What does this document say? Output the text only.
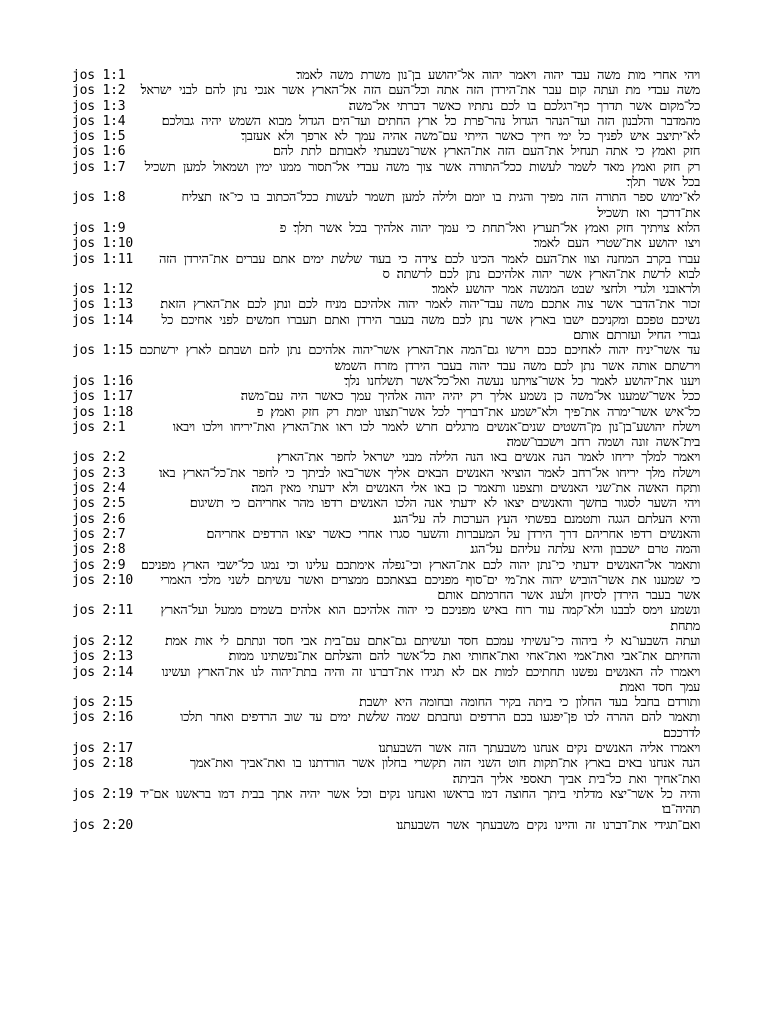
jos 1:1	ויהי אחרי מות משה עבד יהוה ויאמר יהוה אל־יהושע בן־נון משרת משה לאמר׃
jos 1:2	משה עבדי מת ועתה קום עבר את־הירדן הזה אתה וכל־העם הזה אל־הארץ אשר אנכי נתן להם לבני ישראל׃
jos 1:3	כל־מקום אשר תדרך כף־רגלכם בו לכם נתתיו כאשר דברתי אל־משה׃
jos 1:4	מהמדבר והלבנון הזה ועד־הנהר הגדול נהר־פרת כל ארץ החתים ועד־הים הגדול מבוא השמש יהיה גבולכם׃
jos 1:5	לא־יתיצב איש לפניך כל ימי חייך כאשר הייתי עם־משה אהיה עמך לא ארפך ולא אעזבך׃
jos 1:6	חזק ואמץ כי אתה תנחיל את־העם הזה את־הארץ אשר־נשבעתי לאבותם לתת להם׃
jos 1:7	רק חזק ואמץ מאד לשמר לעשות ככל־התורה אשר צוך משה עבדי אל־תסור ממנו ימין ושמאול למען תשכיל בכל אשר תלך׃
jos 1:8	לא־ימוש ספר התורה הזה מפיך והגית בו יומם ולילה למען תשמר לעשות ככל־הכתוב בו כי־אז תצליח את־דרכך ואז תשכיל׃
jos 1:9	הלוא צויתיך חזק ואמץ אל־תערץ ואל־תחת כי עמך יהוה אלהיך בכל אשר תלך׃ פ
jos 1:10	ויצו יהושע את־שטרי העם לאמר׃
jos 1:11	עברו בקרב המחנה וצוו את־העם לאמר הכינו לכם צידה כי בעוד שלשת ימים אתם עברים את־הירדן הזה לבוא לרשת את־הארץ אשר יהוה אלהיכם נתן לכם לרשתה׃ ס
jos 1:12	ולראובני ולגדי ולחצי שבט המנשה אמר יהושע לאמר׃
jos 1:13	זכור את־הדבר אשר צוה אתכם משה עבד־יהוה לאמר יהוה אלהיכם מניח לכם ונתן לכם את־הארץ הזאת׃
jos 1:14	נשיכם טפכם ומקניכם ישבו בארץ אשר נתן לכם משה בעבר הירדן ואתם תעברו חמשים לפני אחיכם כל גבורי החיל ועזרתם אותם׃
jos 1:15 עד אשר־יניח יהוה לאחיכם ככם וירשו גם־המה את־הארץ אשר־יהוה אלהיכם נתן להם ושבתם לארץ ירשתכם וירשתם אותה אשר נתן לכם משה עבד יהוה בעבר הירדן מזרח השמש׃
jos 1:16	ויענו את־יהושע לאמר כל אשר־צויתנו נעשה ואל־כל־אשר תשלחנו נלך׃
jos 1:17	ככל אשר־שמענו אל־משה כן נשמע אליך רק יהיה יהוה אלהיך עמך כאשר היה עם־משה׃
jos 1:18	כל־איש אשר־ימרה את־פיך ולא־ישמע את־דבריך לכל אשר־תצונו יומת רק חזק ואמץ׃ פ
jos 2:1	וישלח יהושע־בן־נון מן־השטים שנים־אנשים מרגלים חרש לאמר לכו ראו את־הארץ ואת־יריחו וילכו ויבאו בית־אשה זונה ושמה רחב וישכבו־שמה׃
jos 2:2	ויאמר למלך יריחו לאמר הנה אנשים באו הנה הלילה מבני ישראל לחפר את־הארץ׃
jos 2:3	וישלח מלך יריחו אל־רחב לאמר הוציאי האנשים הבאים אליך אשר־באו לביתך כי לחפר את־כל־הארץ באו׃
jos 2:4	ותקח האשה את־שני האנשים ותצפנו ותאמר כן באו אלי האנשים ולא ידעתי מאין המה׃
jos 2:5	ויהי השער לסגור בחשך והאנשים יצאו לא ידעתי אנה הלכו האנשים רדפו מהר אחריהם כי תשיגום׃
jos 2:6	והיא העלתם הגגה ותטמנם בפשתי העץ הערכות לה על־הגג׃
jos 2:7	והאנשים רדפו אחריהם דרך הירדן על המעברות והשער סגרו אחרי כאשר יצאו הרדפים אחריהם׃
jos 2:8	והמה טרם ישכבון והיא עלתה עליהם על־הגג׃
jos 2:9	ותאמר אל־האנשים ידעתי כי־נתן יהוה לכם את־הארץ וכי־נפלה אימתכם עלינו וכי נמגו כל־ישבי הארץ מפניכם׃
jos 2:10	כי שמענו את אשר־הוביש יהוה את־מי ים־סוף מפניכם בצאתכם ממצרים ואשר עשיתם לשני מלכי האמרי אשר בעבר הירדן לסיחן ולעוג אשר החרמתם אותם׃
jos 2:11	ונשמע וימס לבבנו ולא־קמה עוד רוח באיש מפניכם כי יהוה אלהיכם הוא אלהים בשמים ממעל ועל־הארץ מתחת׃
jos 2:12	ועתה השבעו־נא לי ביהוה כי־עשיתי עמכם חסד ועשיתם גם־אתם עם־בית אבי חסד ונתתם לי אות אמת׃
jos 2:13	והחיתם את־אבי ואת־אמי ואת־אחי ואת־אחותי ואת כל־אשר להם והצלתם את־נפשתינו ממות׃
jos 2:14	ויאמרו לה האנשים נפשנו תחתיכם למות אם לא תגידו את־דברנו זה והיה בתת־יהוה לנו את־הארץ ועשינו עמך חסד ואמת׃
jos 2:15	ותורדם בחבל בעד החלון כי ביתה בקיר החומה ובחומה היא יושבת׃
jos 2:16	ותאמר להם ההרה לכו פן־יפגעו בכם הרדפים ונחבתם שמה שלשת ימים עד שוב הרדפים ואחר תלכו לדרככם׃
jos 2:17	ויאמרו אליה האנשים נקים אנחנו משבעתך הזה אשר השבעתנו׃
jos 2:18	הנה אנחנו באים בארץ את־תקות חוט השני הזה תקשרי בחלון אשר הורדתנו בו ואת־אביך ואת־אמך ואת־אחיך ואת כל־בית אביך תאספי אליך הביתה׃
jos 2:19 והיה כל אשר־יצא מדלתי ביתך החוצה דמו בראשו ואנחנו נקים וכל אשר יהיה אתך בבית דמו בראשנו אם־יד תהיה־בו׃
jos 2:20	ואם־תגידי את־דברנו זה והיינו נקים משבעתך אשר השבעתנו׃
